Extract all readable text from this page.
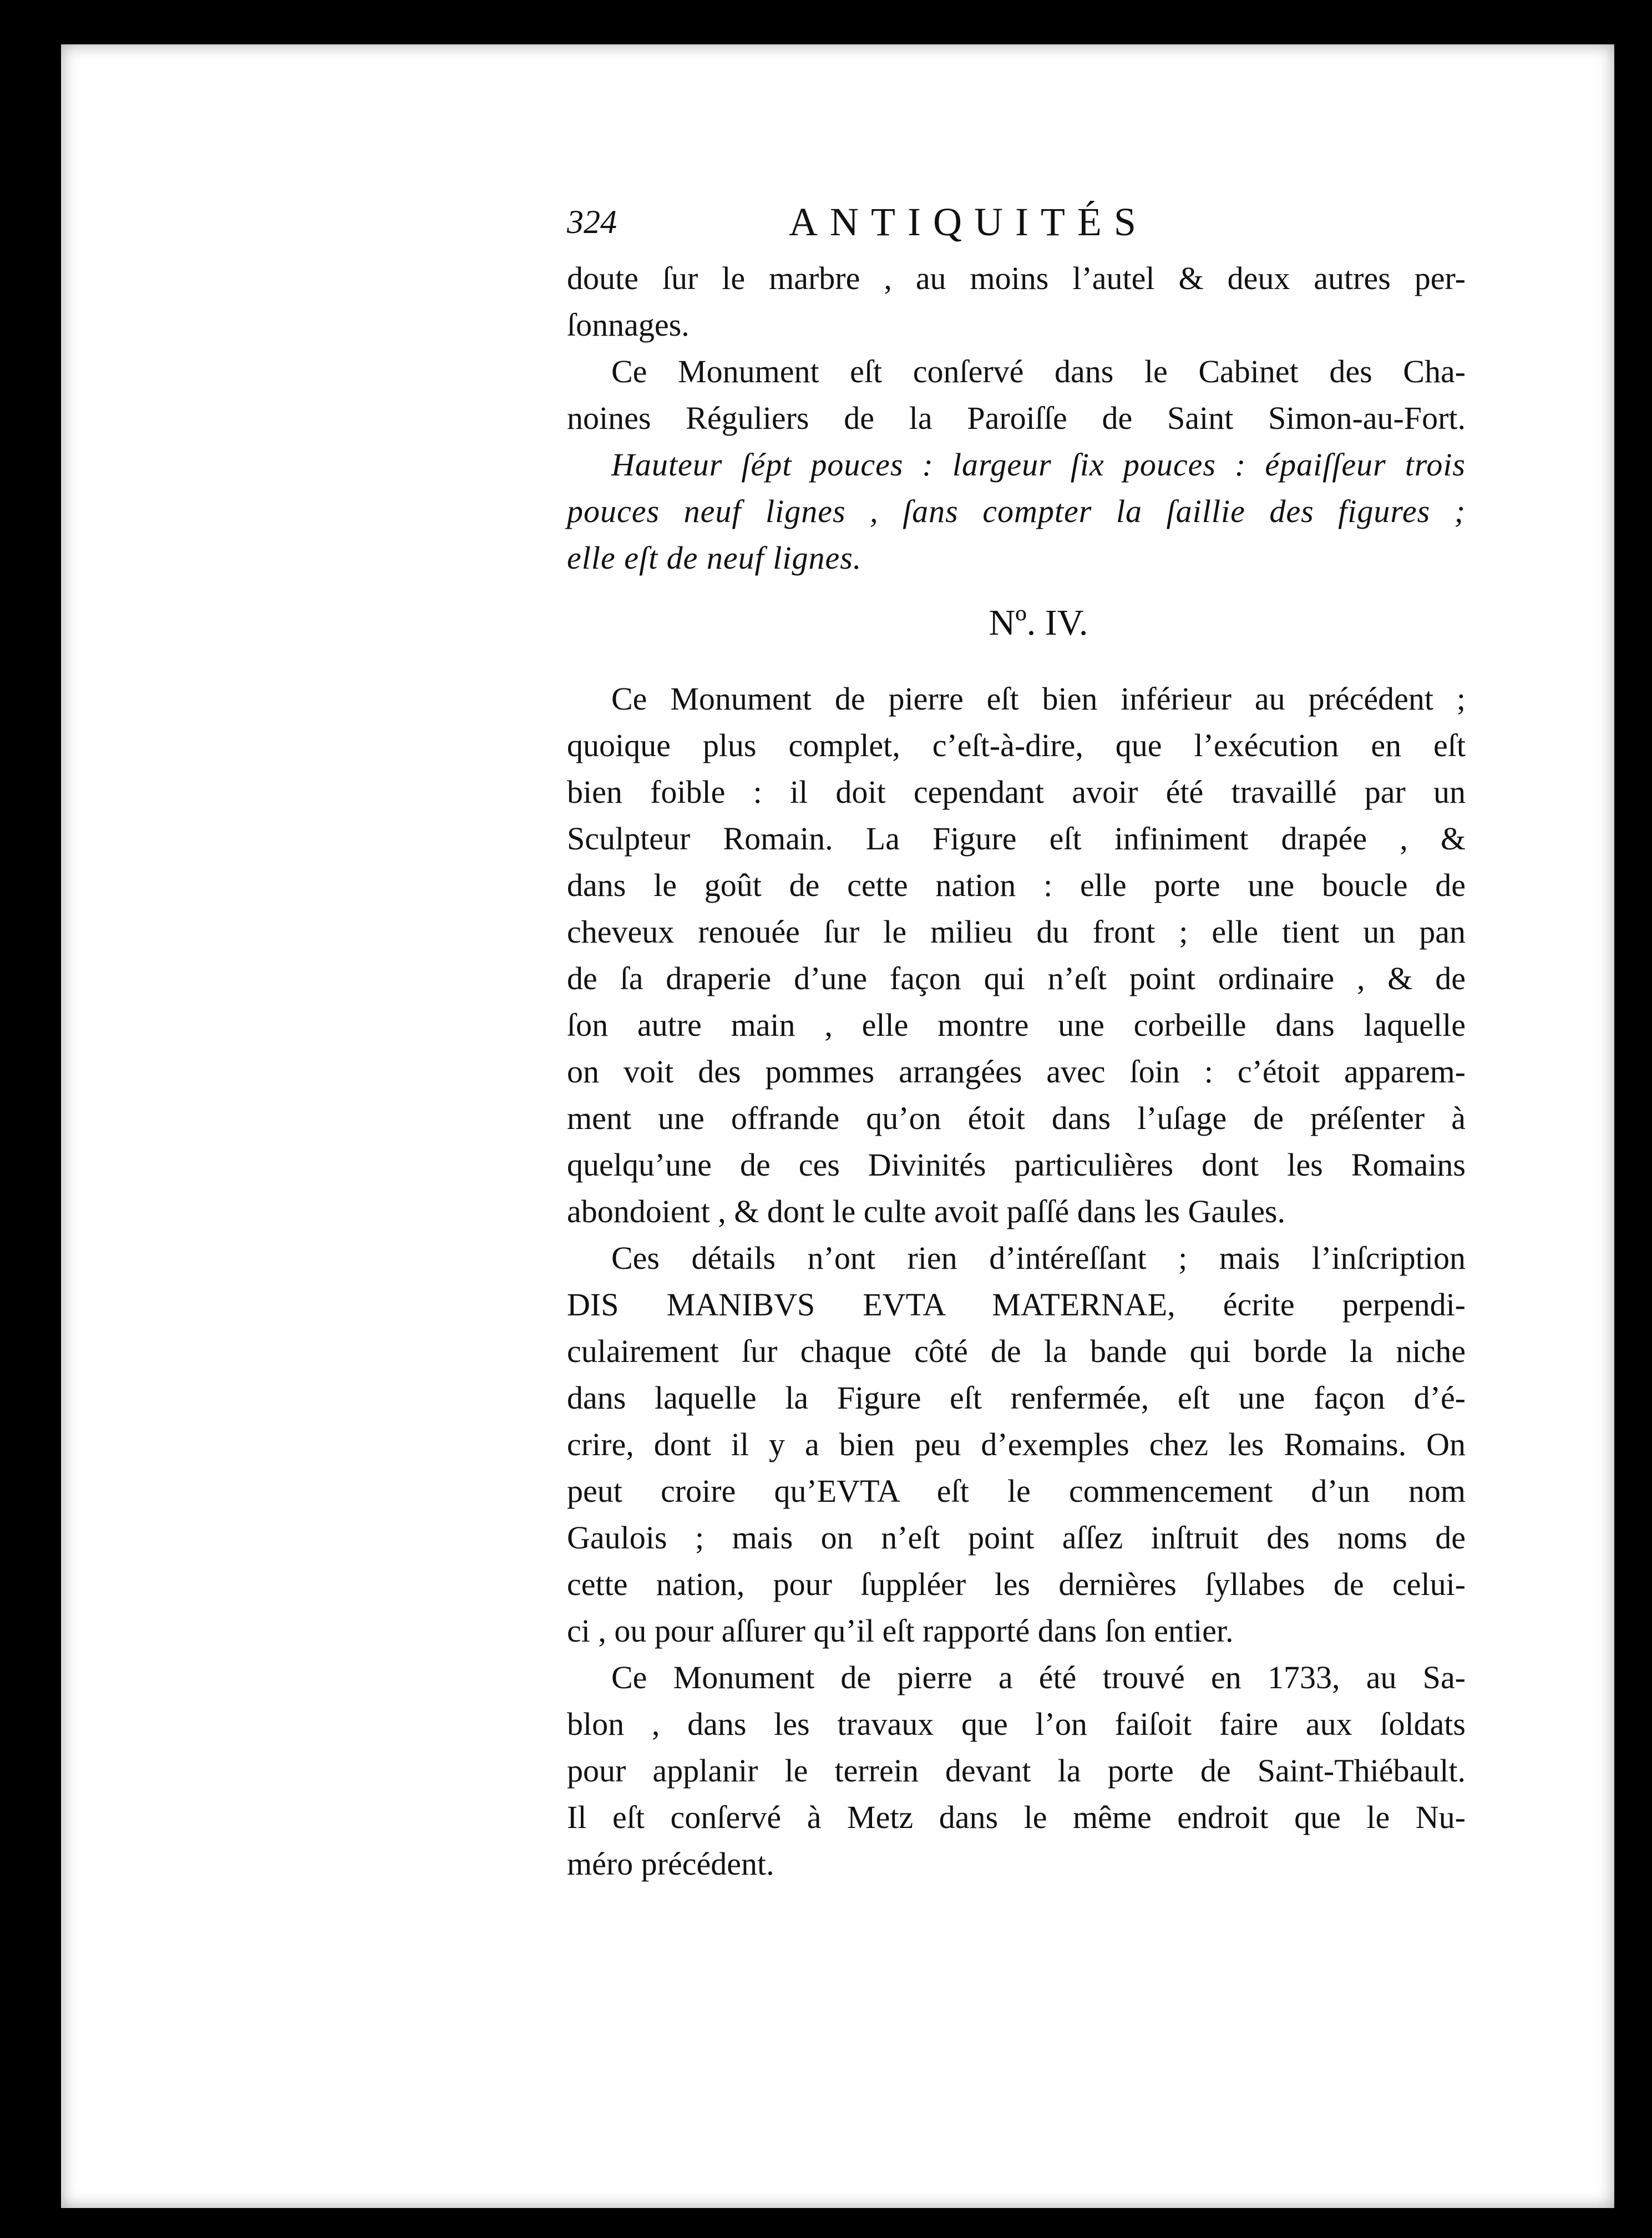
324	ANTIQUITÉS
doute ſur le marbre , au moins l’autel & deux autres per-
ſonnages.
Ce Monument eſt conſervé dans le Cabinet des Cha-
noines Réguliers de la Paroiſſe de Saint Simon-au-Fort.
Hauteur ſépt pouces : largeur ſix pouces : épaiſſeur trois
pouces neuf lignes , ſans compter la ſaillie des figures ;
elle eſt de neuf lignes.
Nº. IV.
Ce Monument de pierre eſt bien inférieur au précédent ;
quoique plus complet, c’eſt-à-dire, que l’exécution en eſt
bien foible : il doit cependant avoir été travaillé par un
Sculpteur Romain. La Figure eſt infiniment drapée , &
dans le goût de cette nation : elle porte une boucle de
cheveux renouée ſur le milieu du front ; elle tient un pan
de ſa draperie d’une façon qui n’eſt point ordinaire , & de
ſon autre main , elle montre une corbeille dans laquelle
on voit des pommes arrangées avec ſoin : c’étoit apparem-
ment une offrande qu’on étoit dans l’uſage de préſenter à
quelqu’une de ces Divinités particulières dont les Romains
abondoient , & dont le culte avoit paſſé dans les Gaules.
Ces détails n’ont rien d’intéreſſant ; mais l’inſcription
DIS MANIBVS EVTA MATERNAE, écrite perpendi-
culairement ſur chaque côté de la bande qui borde la niche
dans laquelle la Figure eſt renfermée, eſt une façon d’é-
crire, dont il y a bien peu d’exemples chez les Romains. On
peut croire qu’EVTA eſt le commencement d’un nom
Gaulois ; mais on n’eſt point aſſez inſtruit des noms de
cette nation, pour ſuppléer les dernières ſyllabes de celui-
ci , ou pour aſſurer qu’il eſt rapporté dans ſon entier.
Ce Monument de pierre a été trouvé en 1733, au Sa-
blon , dans les travaux que l’on faiſoit faire aux ſoldats
pour applanir le terrein devant la porte de Saint-Thiébault.
Il eſt conſervé à Metz dans le même endroit que le Nu-
méro précédent.
